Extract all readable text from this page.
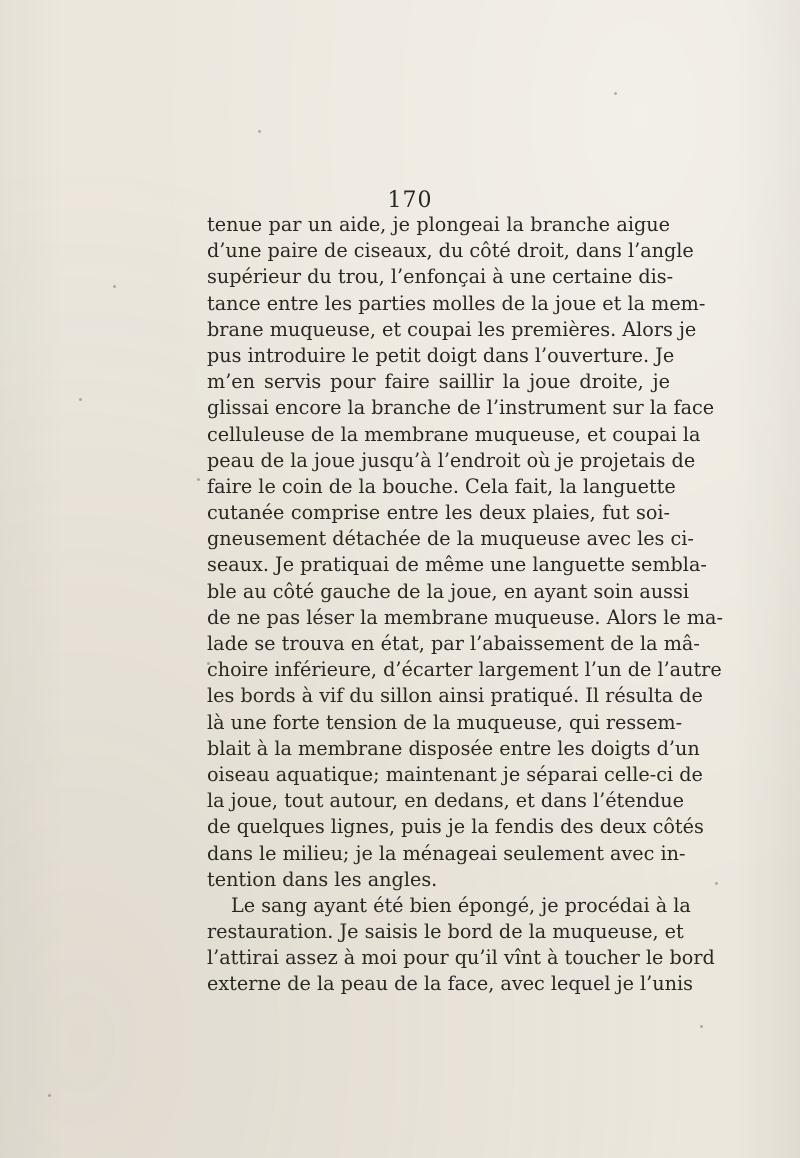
170
tenue par un aide, je plongeai la branche aigue
d’une paire de ciseaux, du côté droit, dans l’angle
supérieur du trou, l’enfonçai à une certaine dis-
tance entre les parties molles de la joue et la mem-
brane muqueuse, et coupai les premières. Alors je
pus introduire le petit doigt dans l’ouverture. Je
m’en servis pour faire saillir la joue droite, je
glissai encore la branche de l’instrument sur la face
celluleuse de la membrane muqueuse, et coupai la
peau de la joue jusqu’à l’endroit où je projetais de
faire le coin de la bouche. Cela fait, la languette
cutanée comprise entre les deux plaies, fut soi-
gneusement détachée de la muqueuse avec les ci-
seaux. Je pratiquai de même une languette sembla-
ble au côté gauche de la joue, en ayant soin aussi
de ne pas léser la membrane muqueuse. Alors le ma-
lade se trouva en état, par l’abaissement de la mâ-
choire inférieure, d’écarter largement l’un de l’autre
les bords à vif du sillon ainsi pratiqué. Il résulta de
là une forte tension de la muqueuse, qui ressem-
blait à la membrane disposée entre les doigts d’un
oiseau aquatique; maintenant je séparai celle-ci de
la joue, tout autour, en dedans, et dans l’étendue
de quelques lignes, puis je la fendis des deux côtés
dans le milieu; je la ménageai seulement avec in-
tention dans les angles.
Le sang ayant été bien épongé, je procédai à la
restauration. Je saisis le bord de la muqueuse, et
l’attirai assez à moi pour qu’il vînt à toucher le bord
externe de la peau de la face, avec lequel je l’unis
